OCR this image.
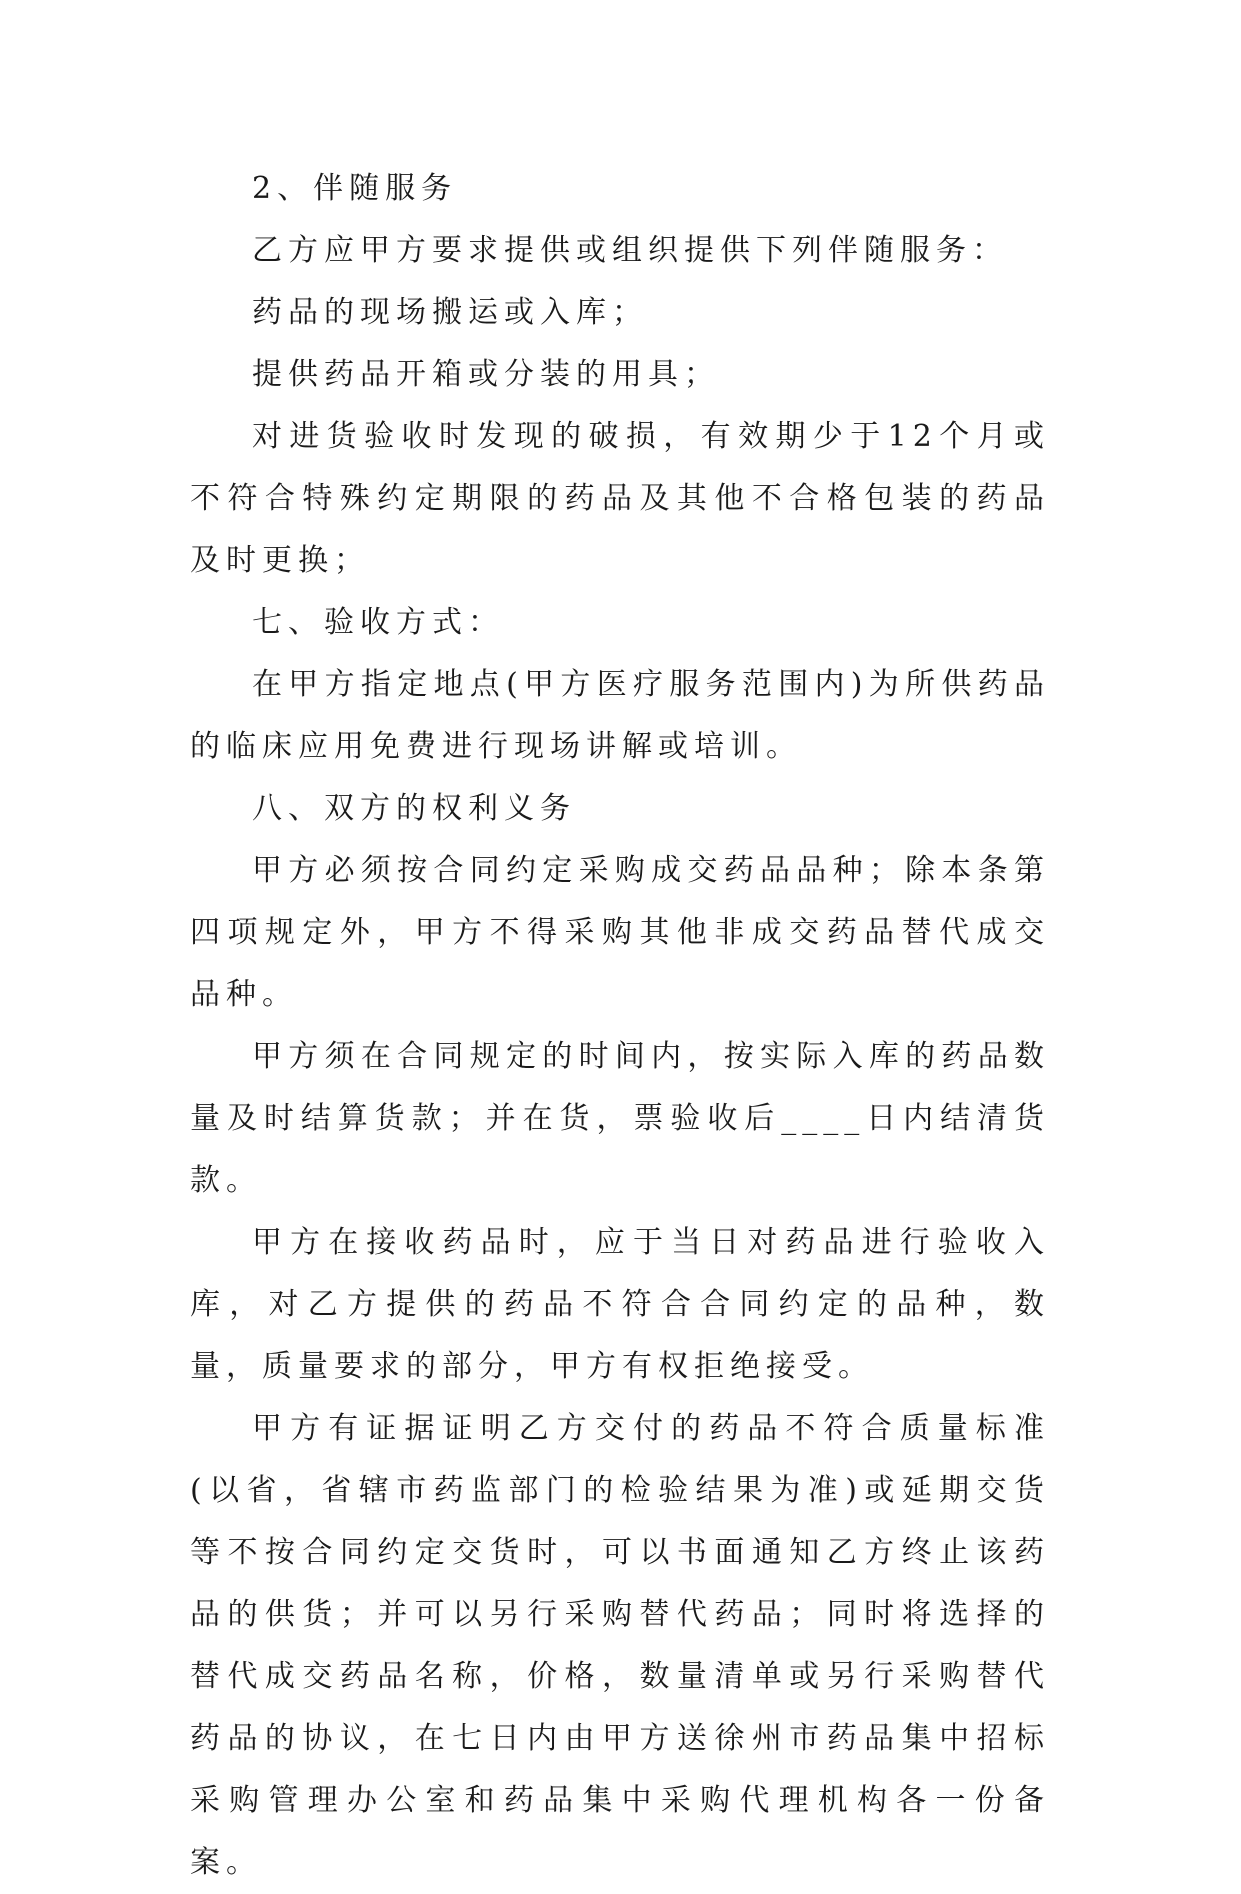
2、伴随服务

乙方应甲方要求提供或组织提供下列伴随服务：

药品的现场搬运或入库；

提供药品开箱或分装的用具；

对进货验收时发现的破损，有效期少于12个月或不符合特殊约定期限的药品及其他不合格包装的药品及时更换；

七、验收方式：

在甲方指定地点(甲方医疗服务范围内)为所供药品的临床应用免费进行现场讲解或培训。

八、双方的权利义务

甲方必须按合同约定采购成交药品品种；除本条第四项规定外，甲方不得采购其他非成交药品替代成交品种。

甲方须在合同规定的时间内，按实际入库的药品数量及时结算货款；并在货，票验收后____日内结清货款。

甲方在接收药品时，应于当日对药品进行验收入库，对乙方提供的药品不符合合同约定的品种，数量，质量要求的部分，甲方有权拒绝接受。

甲方有证据证明乙方交付的药品不符合质量标准(以省，省辖市药监部门的检验结果为准)或延期交货等不按合同约定交货时，可以书面通知乙方终止该药品的供货；并可以另行采购替代药品；同时将选择的替代成交药品名称，价格，数量清单或另行采购替代药品的协议，在七日内由甲方送徐州市药品集中招标采购管理办公室和药品集中采购代理机构各一份备案。
